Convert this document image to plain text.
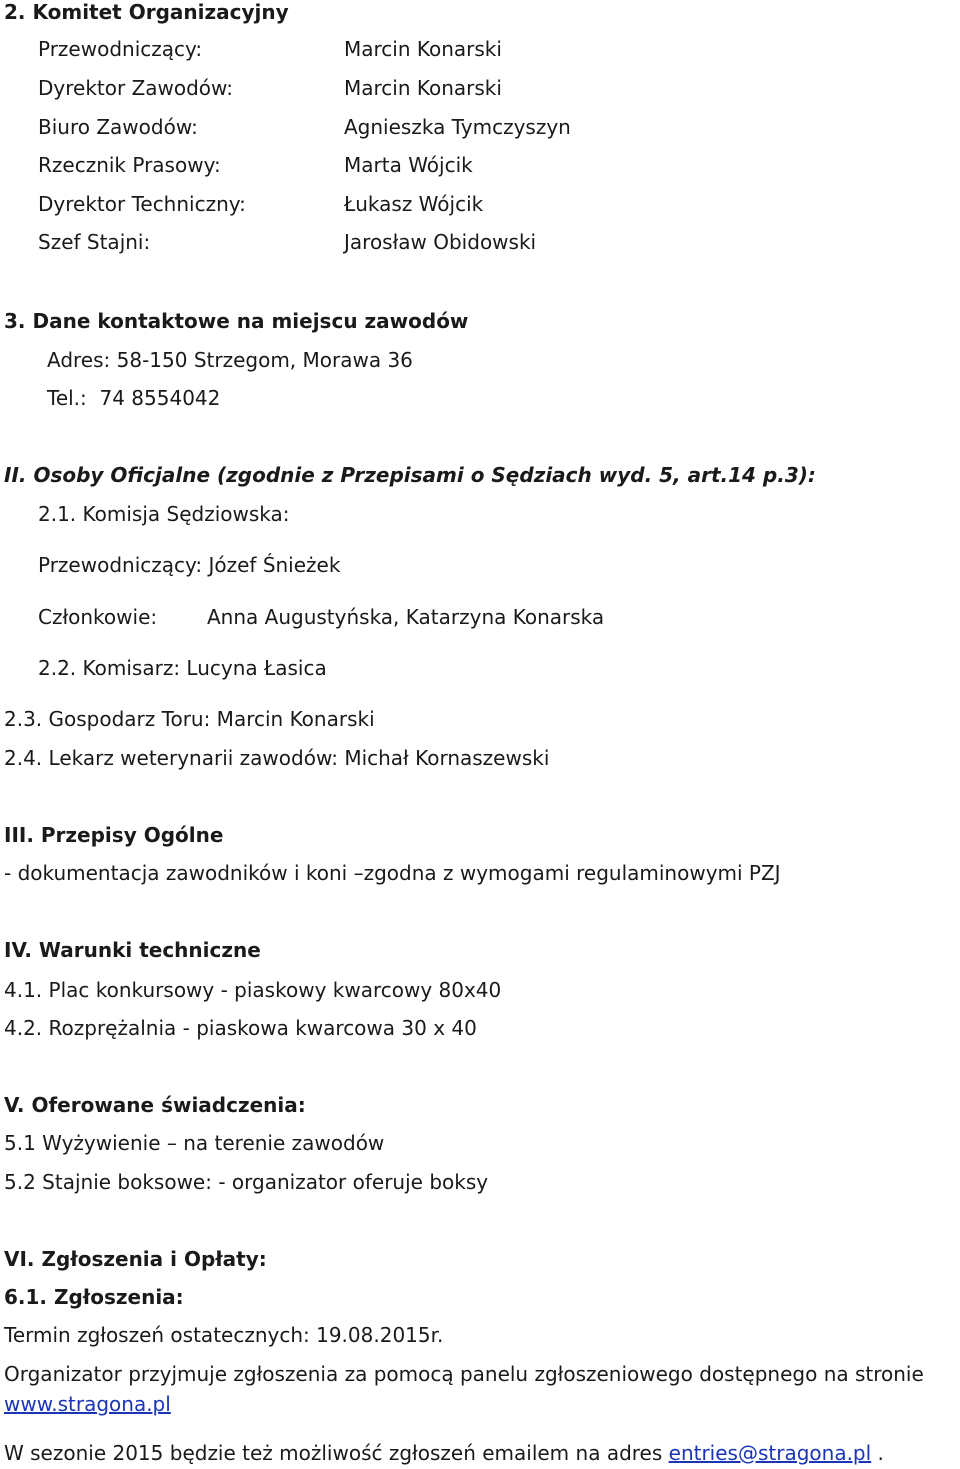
2. Komitet Organizacyjny
Przewodniczący:	Marcin Konarski
Dyrektor Zawodów:	Marcin Konarski
Biuro Zawodów:	Agnieszka Tymczyszyn
Rzecznik Prasowy:	Marta Wójcik
Dyrektor Techniczny:	Łukasz Wójcik
Szef Stajni:	Jarosław Obidowski
3. Dane kontaktowe na miejscu zawodów
Adres: 58-150 Strzegom, Morawa 36
Tel.:  74 8554042
II. Osoby Oficjalne (zgodnie z Przepisami o Sędziach wyd. 5, art.14 p.3):
2.1. Komisja Sędziowska:
Przewodniczący: Józef Śnieżek
Członkowie: Anna Augustyńska, Katarzyna Konarska
2.2. Komisarz: Lucyna Łasica
2.3. Gospodarz Toru: Marcin Konarski
2.4. Lekarz weterynarii zawodów: Michał Kornaszewski
III. Przepisy Ogólne
- dokumentacja zawodników i koni –zgodna z wymogami regulaminowymi PZJ
IV. Warunki techniczne
4.1. Plac konkursowy - piaskowy kwarcowy 80x40
4.2. Rozprężalnia - piaskowa kwarcowa 30 x 40
V. Oferowane świadczenia:
5.1 Wyżywienie – na terenie zawodów
5.2 Stajnie boksowe: - organizator oferuje boksy
VI. Zgłoszenia i Opłaty:
6.1. Zgłoszenia:
Termin zgłoszeń ostatecznych: 19.08.2015r.
Organizator przyjmuje zgłoszenia za pomocą panelu zgłoszeniowego dostępnego na stronie
www.stragona.pl
W sezonie 2015 będzie też możliwość zgłoszeń emailem na adres entries@stragona.pl .
